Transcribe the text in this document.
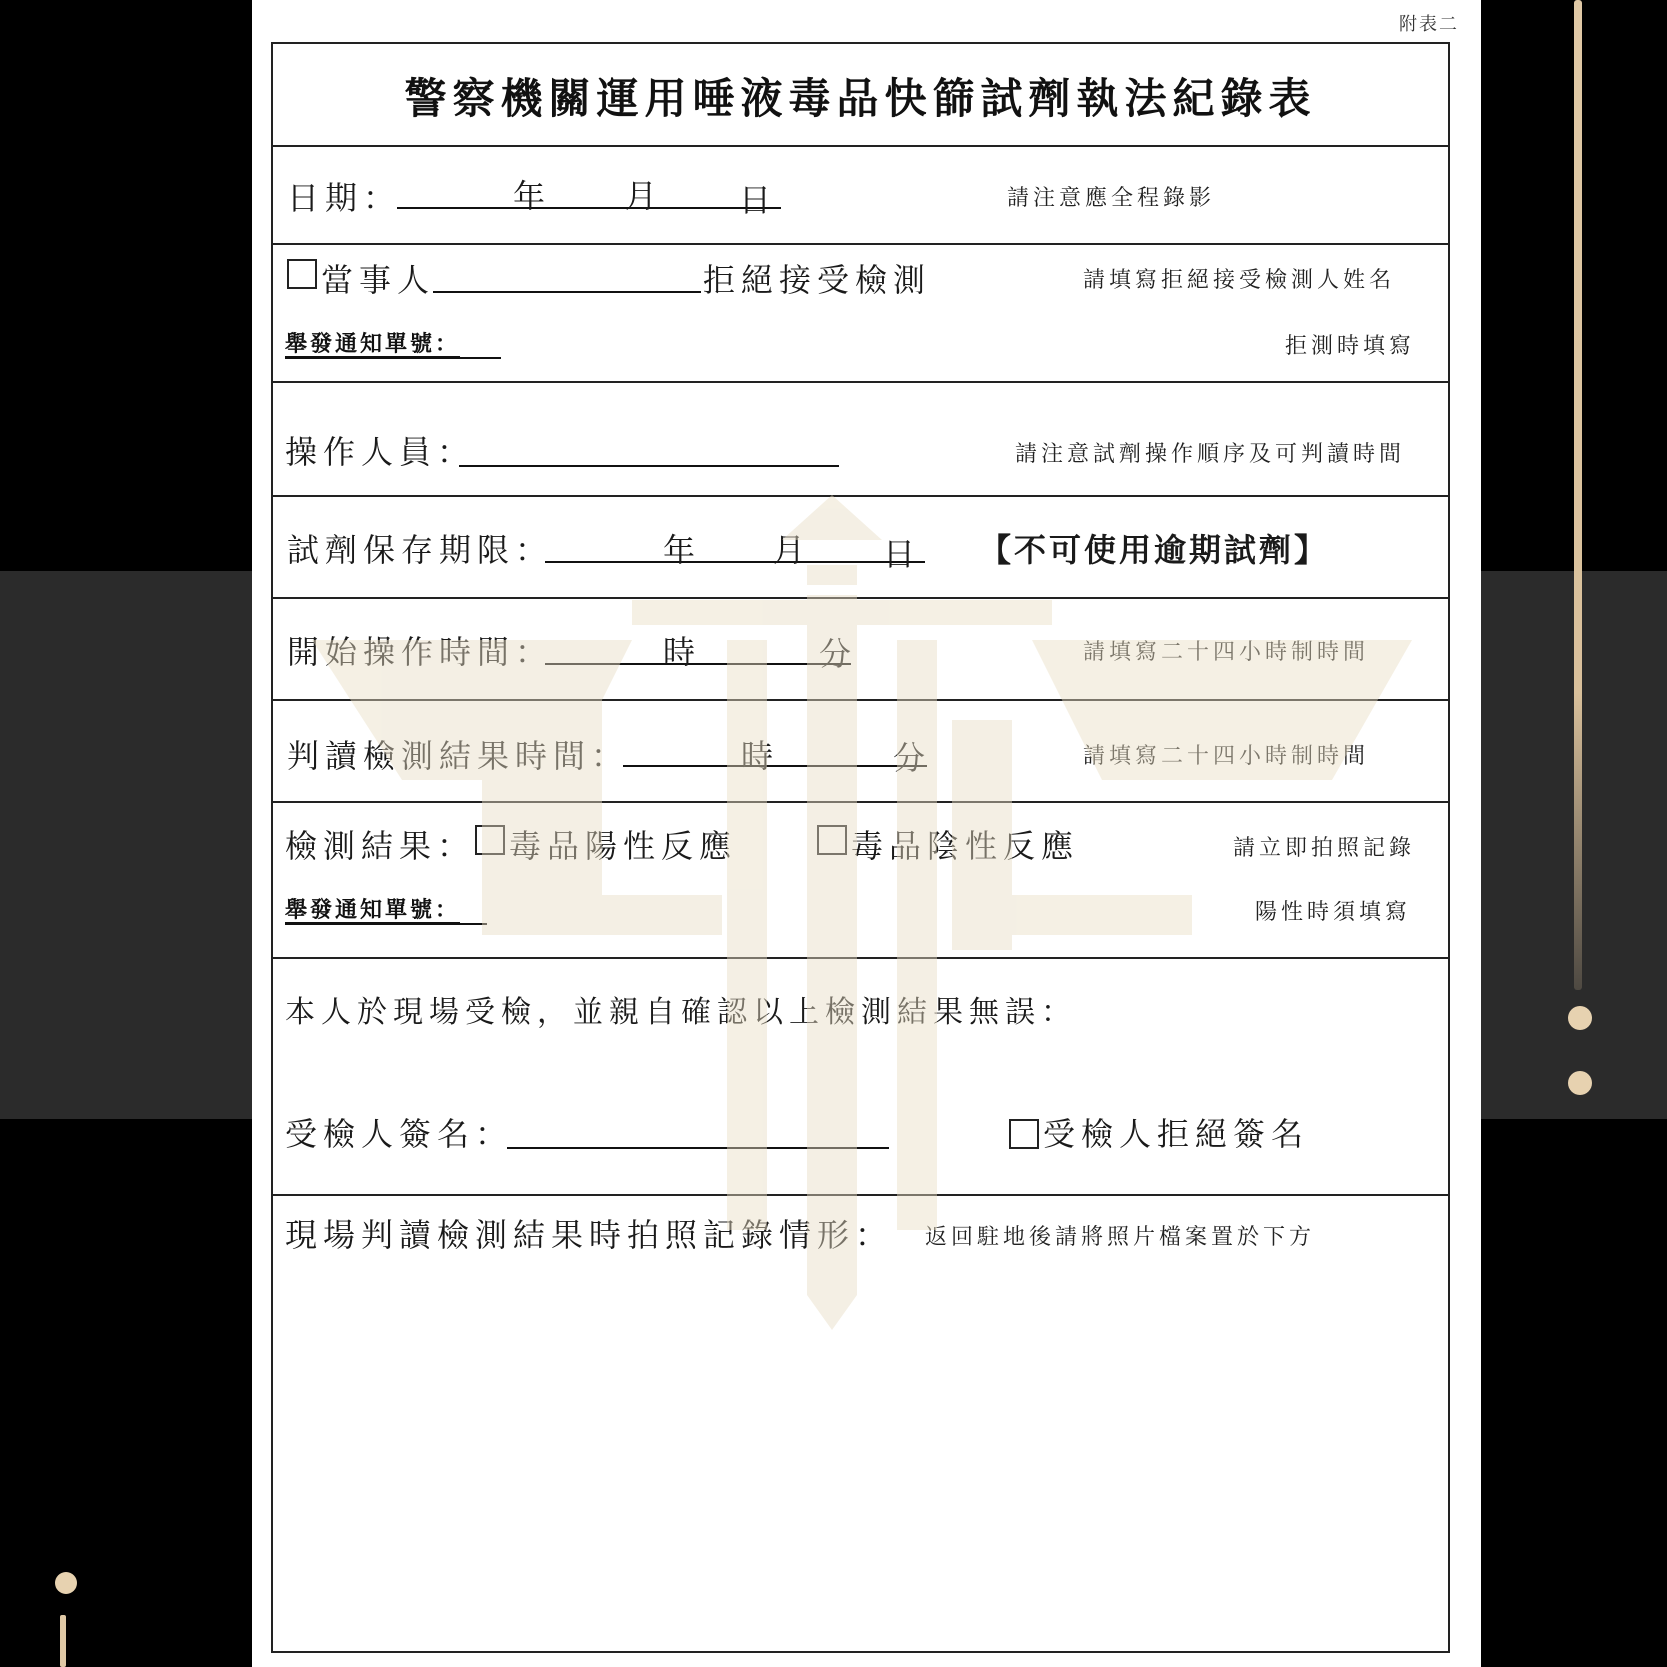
附表二
警察機關運用唾液毒品快篩試劑執法紀錄表
日期：	年 月 日	請注意應全程錄影
當事人	拒絕接受檢測	請填寫拒絕接受檢測人姓名
舉發通知單號：	拒測時填寫
操作人員：	請注意試劑操作順序及可判讀時間
試劑保存期限：	年 月 日 【不可使用逾期試劑】
開始操作時間：	時	分	請填寫二十四小時制時間
判讀檢測結果時間：	時	分	請填寫二十四小時制時間
檢測結果： 毒品陽性反應	毒品陰性反應	請立即拍照記錄
舉發通知單號：	陽性時須填寫
本人於現場受檢，並親自確認以上檢測結果無誤：
受檢人簽名：	受檢人拒絕簽名
現場判讀檢測結果時拍照記錄情形： 返回駐地後請將照片檔案置於下方
